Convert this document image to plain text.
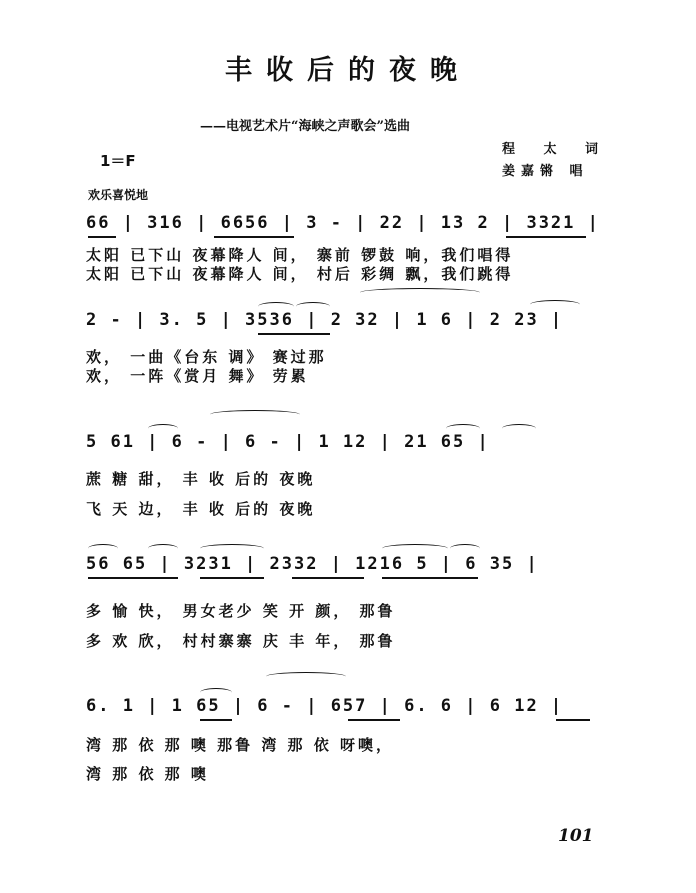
丰收后的夜晚
——电视艺术片“海峡之声歌会”选曲
程 太 词
姜嘉锵 唱
1＝F
欢乐喜悦地
66 | 316 | 6656 | 3 - | 22 | 13 2 | 3321 |
太阳 已下山 夜幕降人 间， 寨前 锣鼓 响，我们唱得
太阳 已下山 夜幕降人 间， 村后 彩绸 飘，我们跳得
2 - | 3. 5 | 3536 | 2 32 | 1 6 | 2 23 |
欢， 一曲《台东 调》 赛过那
欢， 一阵《赏月 舞》 劳累
5 61 | 6 - | 6 - | 1 12 | 21 65 |
蔗 糖 甜， 丰 收 后的 夜晚
飞 天 边， 丰 收 后的 夜晚
56 65 | 3231 | 2332 | 1216 5 | 6 35 |
多 愉 快， 男女老少 笑 开 颜， 那鲁
多 欢 欣， 村村寨寨 庆 丰 年， 那鲁
6. 1 | 1 65 | 6 - | 657 | 6. 6 | 6 12 |
湾 那 依 那 噢 那鲁 湾 那 依 呀噢，
湾 那 依 那 噢
101
